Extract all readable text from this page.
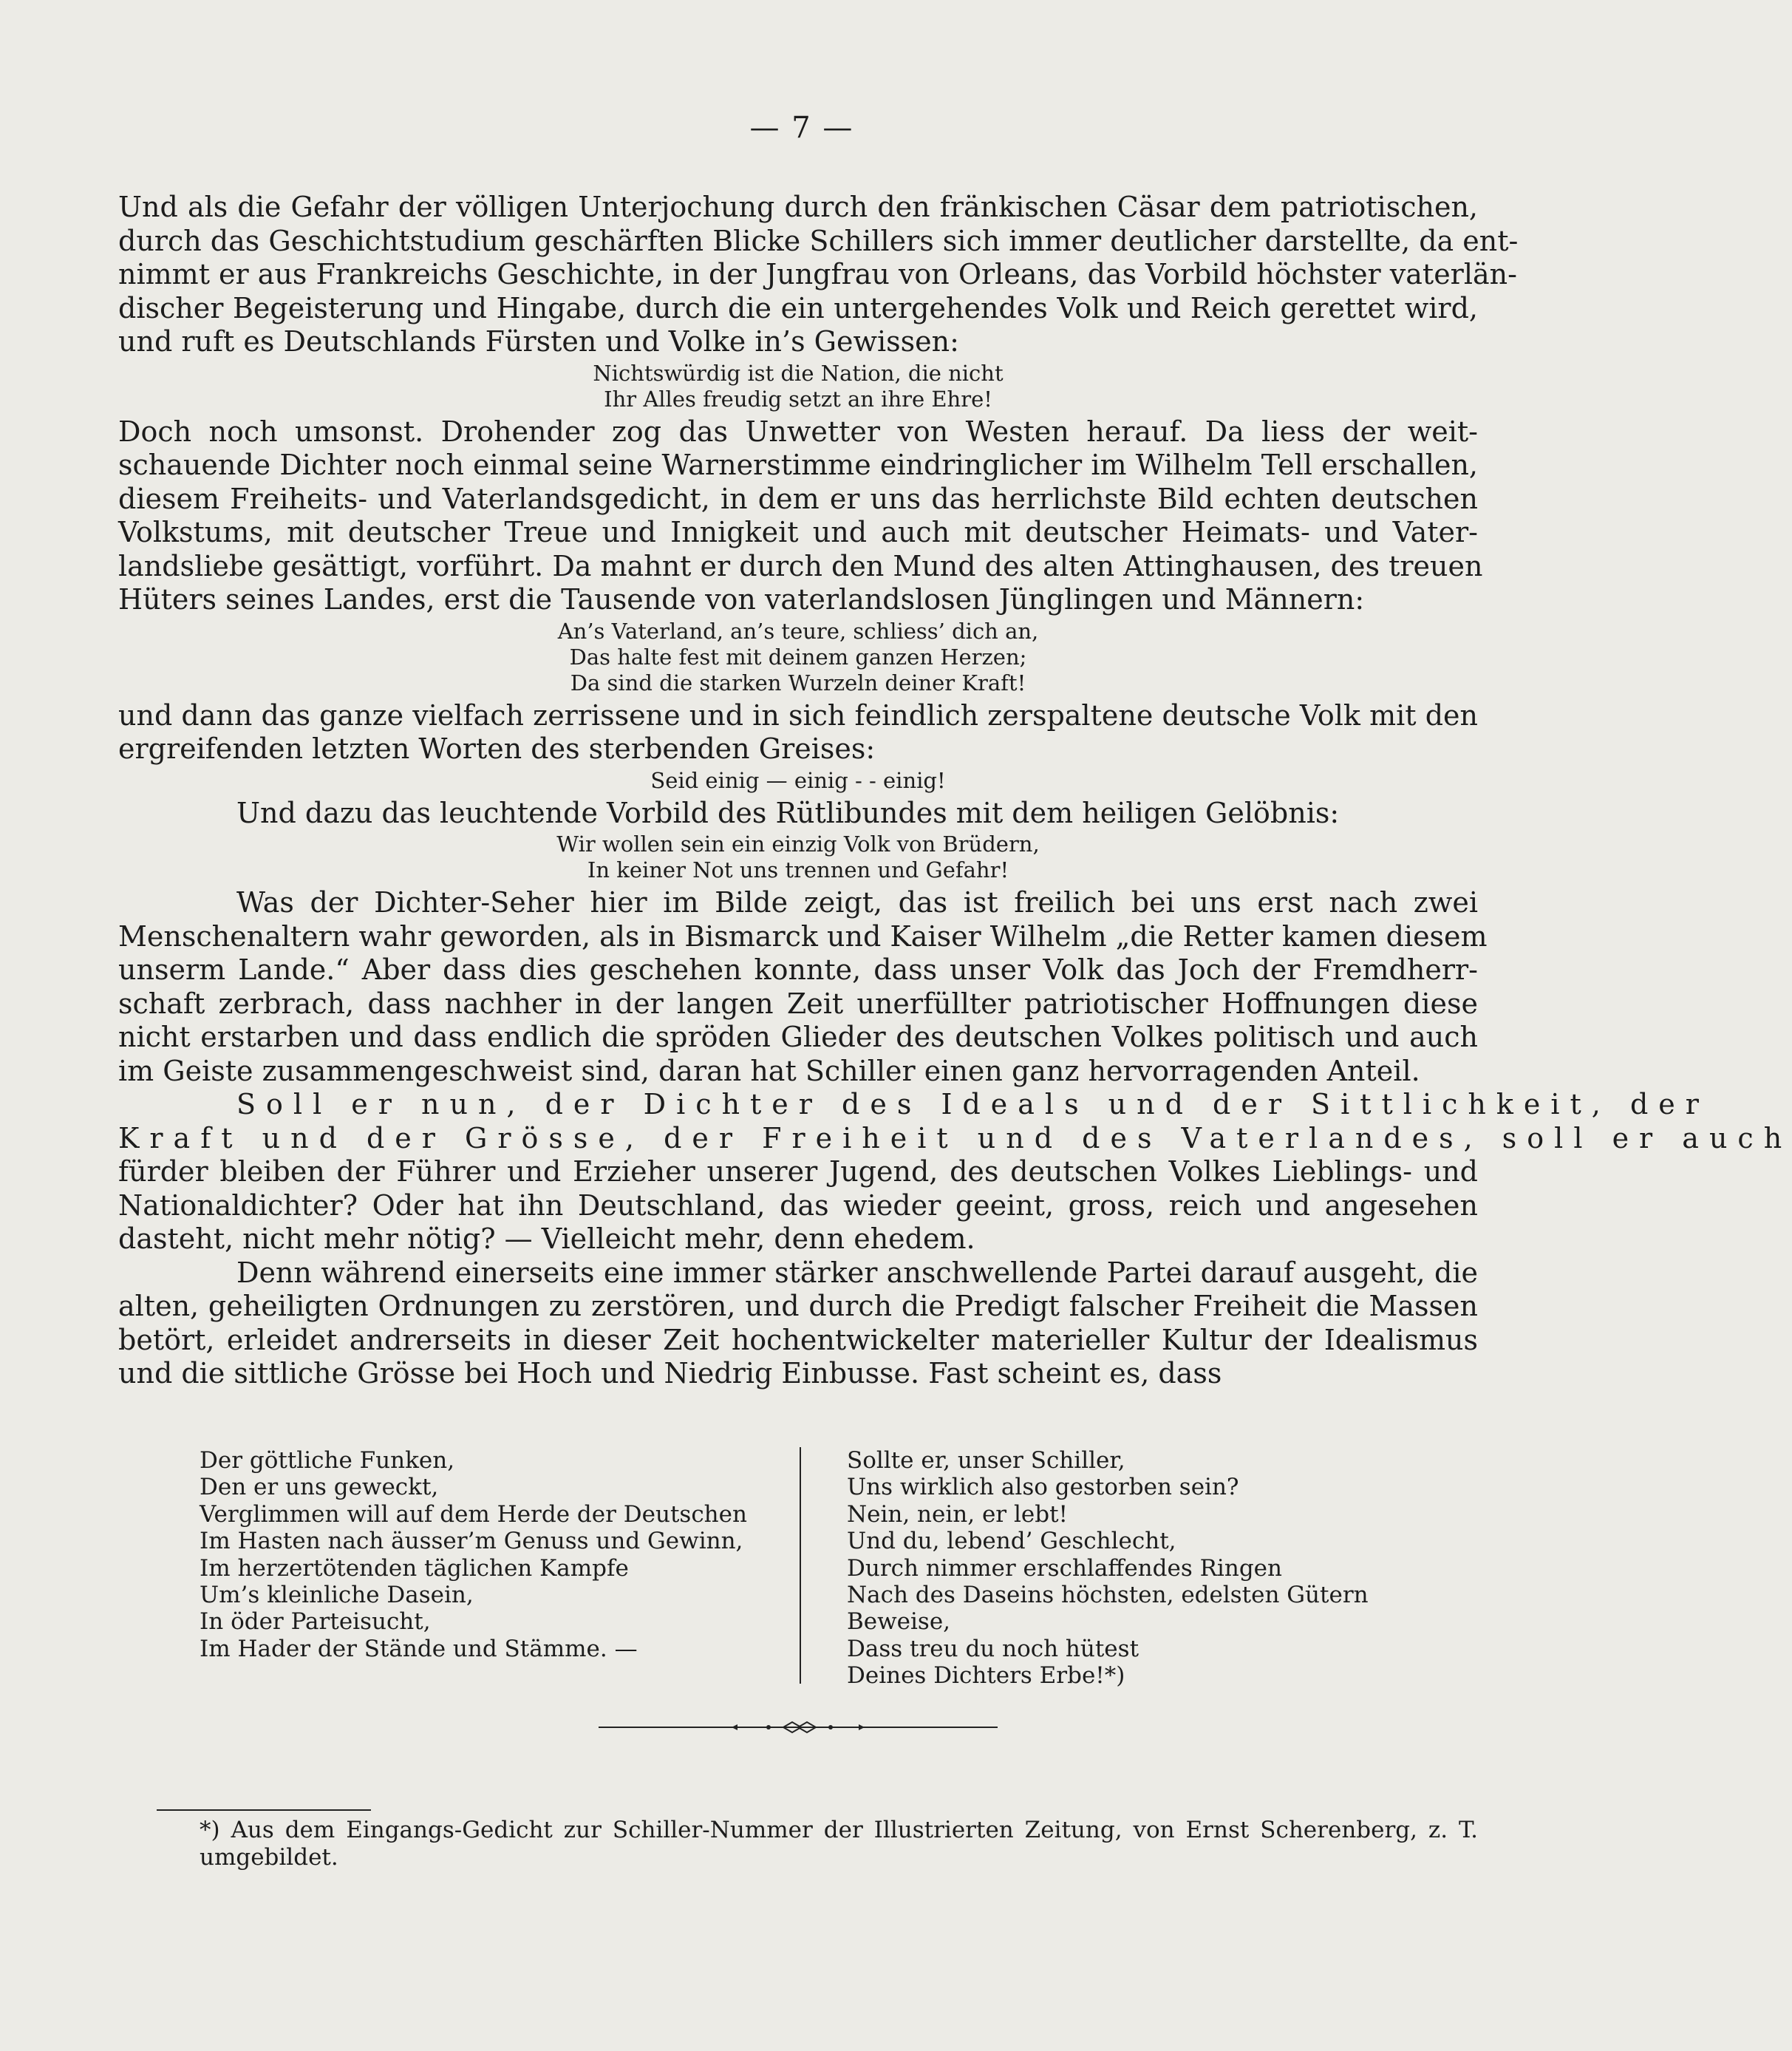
— 7 —
Und als die Gefahr der völligen Unterjochung durch den fränkischen Cäsar dem patriotischen,
durch das Geschichtstudium geschärften Blicke Schillers sich immer deutlicher darstellte, da ent-
nimmt er aus Frankreichs Geschichte, in der Jungfrau von Orleans, das Vorbild höchster vaterlän-
discher Begeisterung und Hingabe, durch die ein untergehendes Volk und Reich gerettet wird,
und ruft es Deutschlands Fürsten und Volke in’s Gewissen:
Nichtswürdig ist die Nation, die nicht
Ihr Alles freudig setzt an ihre Ehre!
Doch noch umsonst. Drohender zog das Unwetter von Westen herauf. Da liess der weit-
schauende Dichter noch einmal seine Warnerstimme eindringlicher im Wilhelm Tell erschallen,
diesem Freiheits- und Vaterlandsgedicht, in dem er uns das herrlichste Bild echten deutschen
Volkstums, mit deutscher Treue und Innigkeit und auch mit deutscher Heimats- und Vater-
landsliebe gesättigt, vorführt. Da mahnt er durch den Mund des alten Attinghausen, des treuen
Hüters seines Landes, erst die Tausende von vaterlandslosen Jünglingen und Männern:
An’s Vaterland, an’s teure, schliess’ dich an,
Das halte fest mit deinem ganzen Herzen;
Da sind die starken Wurzeln deiner Kraft!
und dann das ganze vielfach zerrissene und in sich feindlich zerspaltene deutsche Volk mit den
ergreifenden letzten Worten des sterbenden Greises:
Seid einig — einig - - einig!
Und dazu das leuchtende Vorbild des Rütlibundes mit dem heiligen Gelöbnis:
Wir wollen sein ein einzig Volk von Brüdern,
In keiner Not uns trennen und Gefahr!
Was der Dichter-Seher hier im Bilde zeigt, das ist freilich bei uns erst nach zwei
Menschenaltern wahr geworden, als in Bismarck und Kaiser Wilhelm „die Retter kamen diesem
unserm Lande.“ Aber dass dies geschehen konnte, dass unser Volk das Joch der Fremdherr-
schaft zerbrach, dass nachher in der langen Zeit unerfüllter patriotischer Hoffnungen diese
nicht erstarben und dass endlich die spröden Glieder des deutschen Volkes politisch und auch
im Geiste zusammengeschweist sind, daran hat Schiller einen ganz hervorragenden Anteil.
Soll er nun, der Dichter des Ideals und der Sittlichkeit, der
Kraft und der Grösse, der Freiheit und des Vaterlandes, soll er auch
fürder bleiben der Führer und Erzieher unserer Jugend, des deutschen Volkes Lieblings- und
Nationaldichter? Oder hat ihn Deutschland, das wieder geeint, gross, reich und angesehen
dasteht, nicht mehr nötig? — Vielleicht mehr, denn ehedem.
Denn während einerseits eine immer stärker anschwellende Partei darauf ausgeht, die
alten, geheiligten Ordnungen zu zerstören, und durch die Predigt falscher Freiheit die Massen
betört, erleidet andrerseits in dieser Zeit hochentwickelter materieller Kultur der Idealismus
und die sittliche Grösse bei Hoch und Niedrig Einbusse. Fast scheint es, dass
Der göttliche Funken,
Den er uns geweckt,
Verglimmen will auf dem Herde der Deutschen
Im Hasten nach äusser’m Genuss und Gewinn,
Im herzertötenden täglichen Kampfe
Um’s kleinliche Dasein,
In öder Parteisucht,
Im Hader der Stände und Stämme. —
Sollte er, unser Schiller,
Uns wirklich also gestorben sein?
Nein, nein, er lebt!
Und du, lebend’ Geschlecht,
Durch nimmer erschlaffendes Ringen
Nach des Daseins höchsten, edelsten Gütern
Beweise,
Dass treu du noch hütest
Deines Dichters Erbe!*)
*) Aus dem Eingangs-Gedicht zur Schiller-Nummer der Illustrierten Zeitung, von Ernst Scherenberg, z. T.
umgebildet.
